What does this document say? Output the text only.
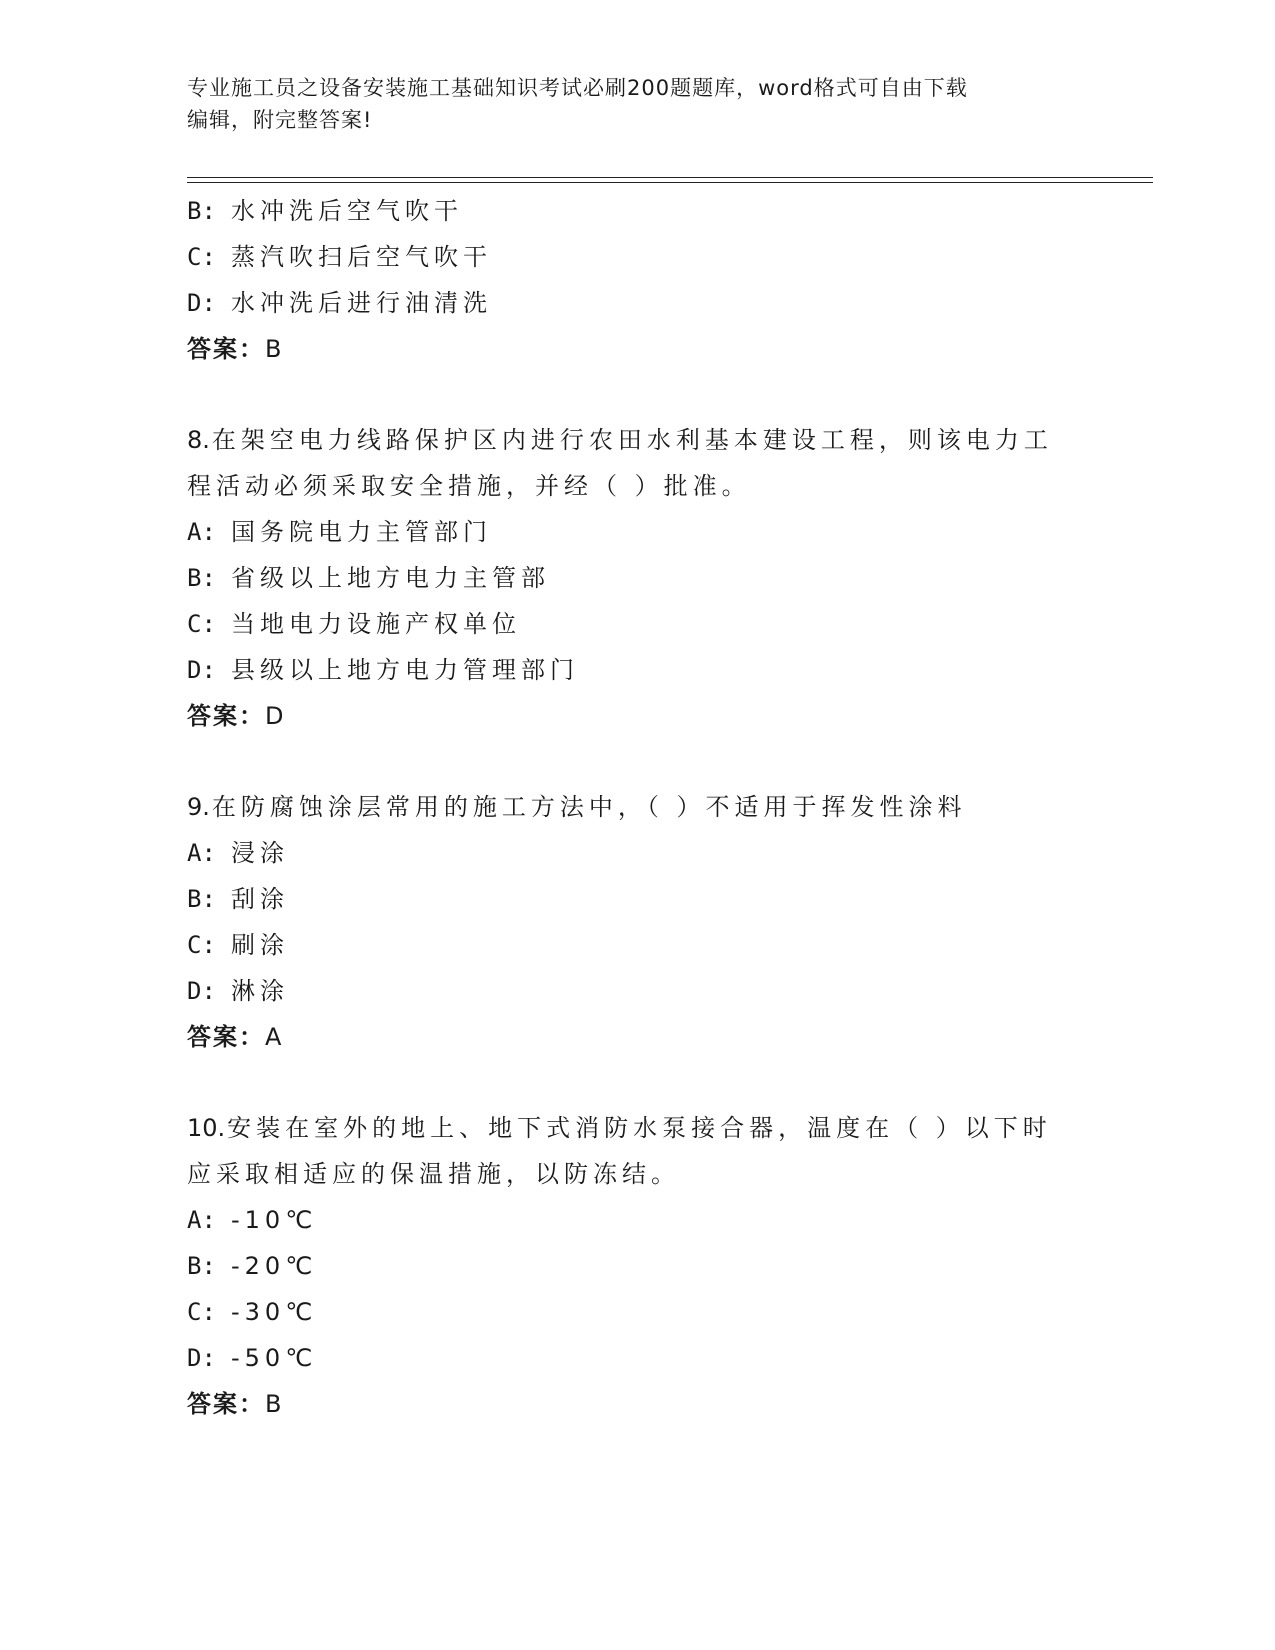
专业施工员之设备安装施工基础知识考试必刷200题题库，word格式可自由下载
编辑，附完整答案!
B: 水冲洗后空气吹干
C: 蒸汽吹扫后空气吹干
D: 水冲洗后进行油清洗
答案：B
8.在架空电力线路保护区内进行农田水利基本建设工程，则该电力工
程活动必须采取安全措施，并经（ ）批准。
A: 国务院电力主管部门
B: 省级以上地方电力主管部
C: 当地电力设施产权单位
D: 县级以上地方电力管理部门
答案：D
9.在防腐蚀涂层常用的施工方法中，（ ）不适用于挥发性涂料
A: 浸涂
B: 刮涂
C: 刷涂
D: 淋涂
答案：A
10.安装在室外的地上、地下式消防水泵接合器，温度在（ ）以下时
应采取相适应的保温措施，以防冻结。
A: -10℃
B: -20℃
C: -30℃
D: -50℃
答案：B
